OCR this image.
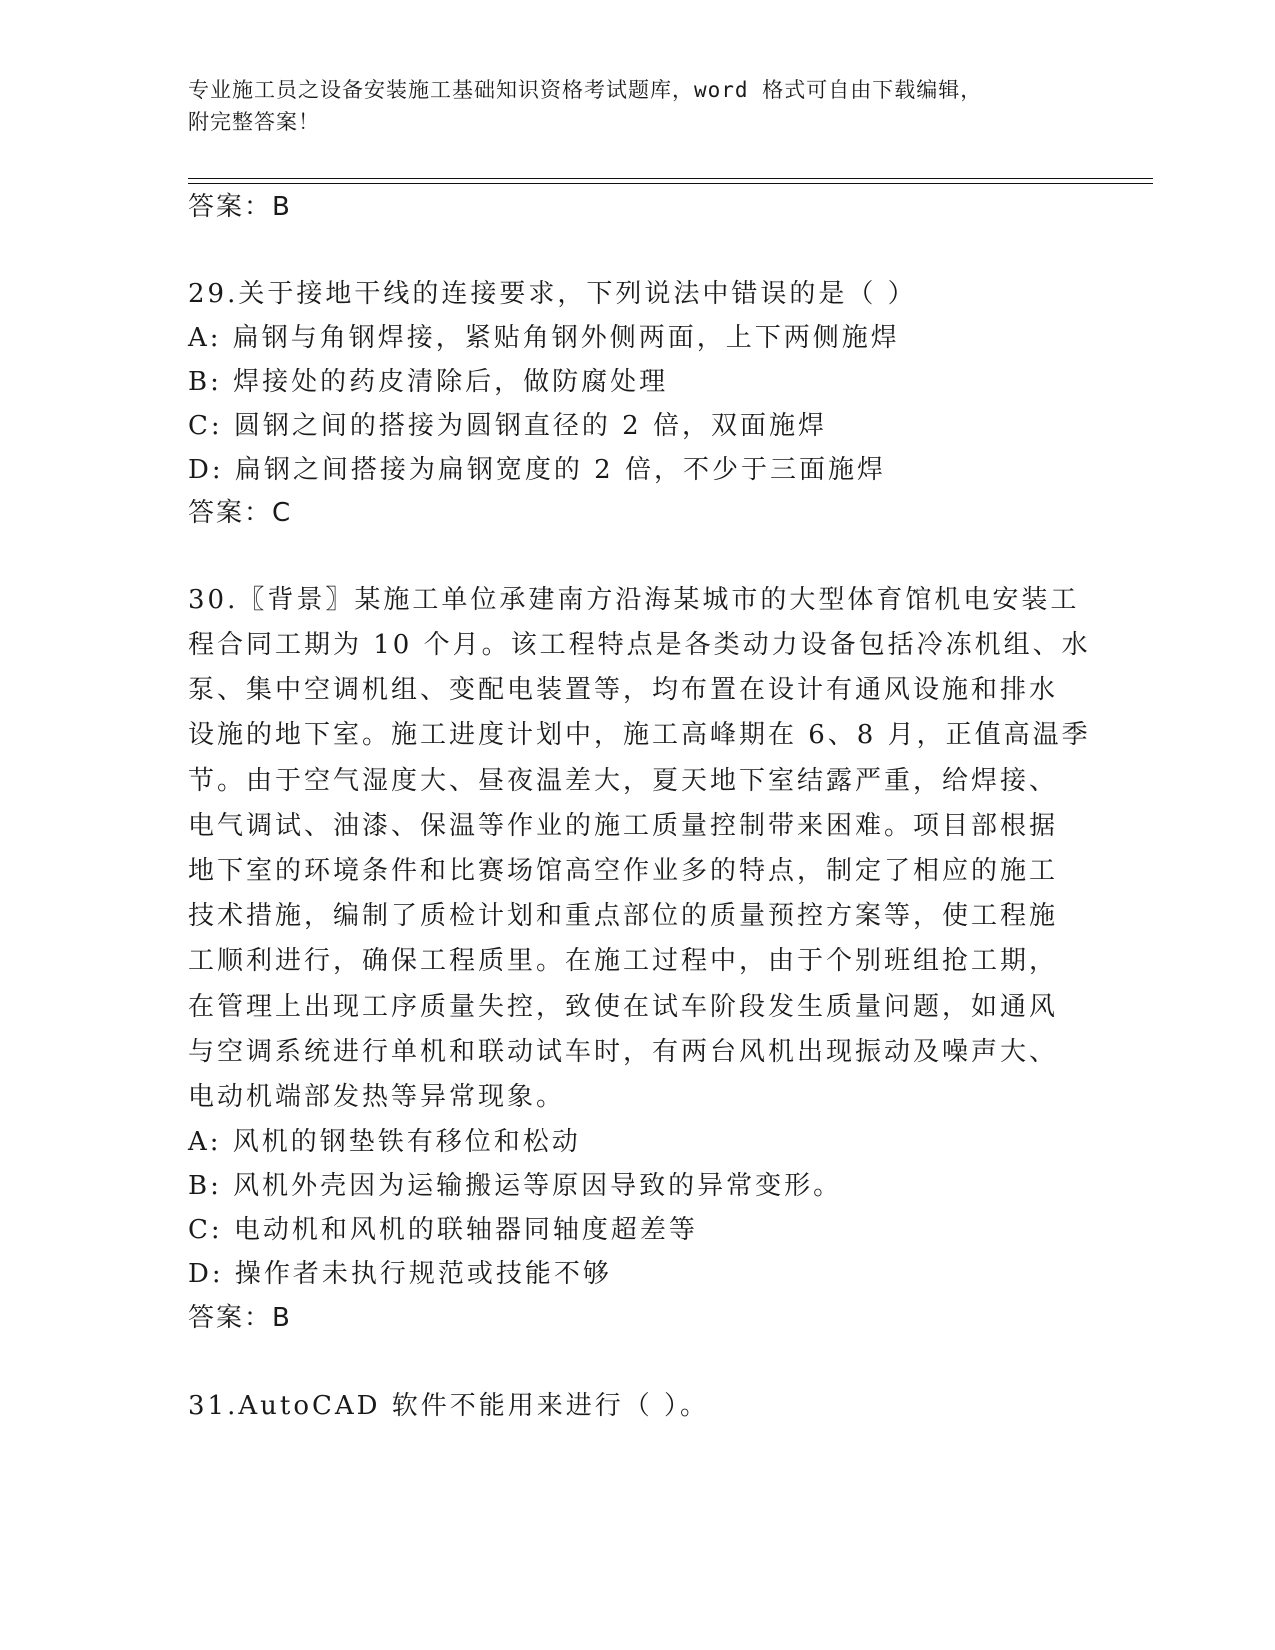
专业施工员之设备安装施工基础知识资格考试题库，word 格式可自由下载编辑，
附完整答案！
答案：B
29.关于接地干线的连接要求，下列说法中错误的是（ ）
A: 扁钢与角钢焊接，紧贴角钢外侧两面，上下两侧施焊
B: 焊接处的药皮清除后，做防腐处理
C: 圆钢之间的搭接为圆钢直径的 2 倍，双面施焊
D: 扁钢之间搭接为扁钢宽度的 2 倍，不少于三面施焊
答案：C
30.〖背景〗某施工单位承建南方沿海某城市的大型体育馆机电安装工
程合同工期为 10 个月。该工程特点是各类动力设备包括冷冻机组、水
泵、集中空调机组、变配电装置等，均布置在设计有通风设施和排水
设施的地下室。施工进度计划中，施工高峰期在 6、8 月，正值高温季
节。由于空气湿度大、昼夜温差大，夏天地下室结露严重，给焊接、
电气调试、油漆、保温等作业的施工质量控制带来困难。项目部根据
地下室的环境条件和比赛场馆高空作业多的特点，制定了相应的施工
技术措施，编制了质检计划和重点部位的质量预控方案等，使工程施
工顺利进行，确保工程质里。在施工过程中，由于个别班组抢工期，
在管理上出现工序质量失控，致使在试车阶段发生质量问题，如通风
与空调系统进行单机和联动试车时，有两台风机出现振动及噪声大、
电动机端部发热等异常现象。
A: 风机的钢垫铁有移位和松动
B: 风机外壳因为运输搬运等原因导致的异常变形。
C: 电动机和风机的联轴器同轴度超差等
D: 操作者未执行规范或技能不够
答案：B
31.AutoCAD 软件不能用来进行（ ）。
